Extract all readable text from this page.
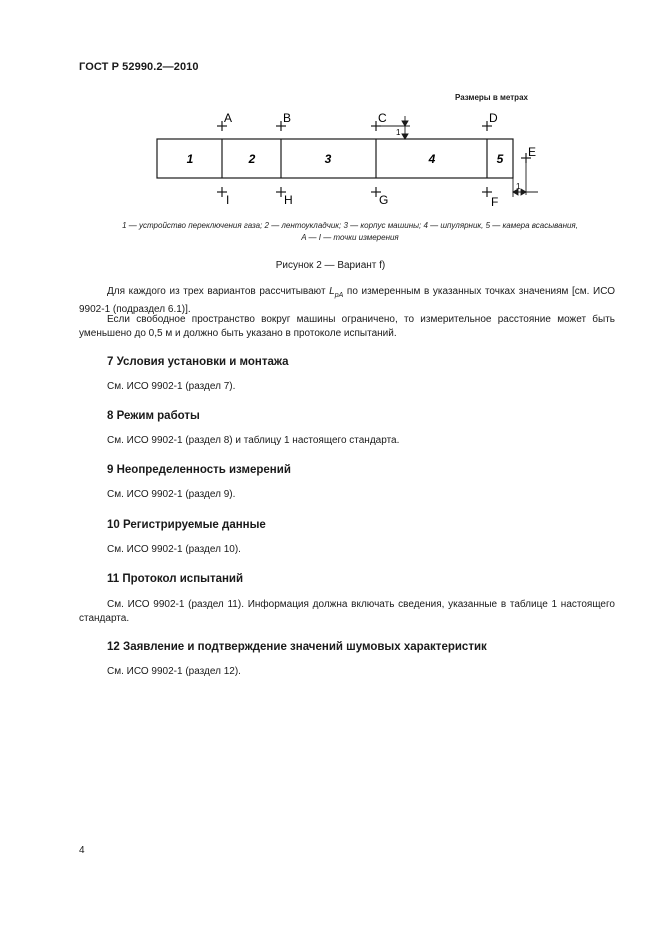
ГОСТ Р 52990.2—2010
Размеры в метрах
1	2	3	4	5
1
1
A	B	C	D
I	H	G	F
E
1 — устройство переключения газа; 2 — лентоукладчик; 3 — корпус машины; 4 — шпулярник, 5 — камера всасывания,
A — I — точки измерения
Рисунок 2 — Вариант f)
Для каждого из трех вариантов рассчитывают $L_{pA}$ по измеренным в указанных точках значениям [см. ИСО 9902-1 (подраздел 6.1)].
Если свободное пространство вокруг машины ограничено, то измерительное расстояние может быть уменьшено до 0,5 м и должно быть указано в протоколе испытаний.
7 Условия установки и монтажа
См. ИСО 9902-1 (раздел 7).
8 Режим работы
См. ИСО 9902-1 (раздел 8) и таблицу 1 настоящего стандарта.
9 Неопределенность измерений
См. ИСО 9902-1 (раздел 9).
10 Регистрируемые данные
См. ИСО 9902-1 (раздел 10).
11 Протокол испытаний
См. ИСО 9902-1 (раздел 11). Информация должна включать сведения, указанные в таблице 1 настоящего стандарта.
12 Заявление и подтверждение значений шумовых характеристик
См. ИСО 9902-1 (раздел 12).
4
